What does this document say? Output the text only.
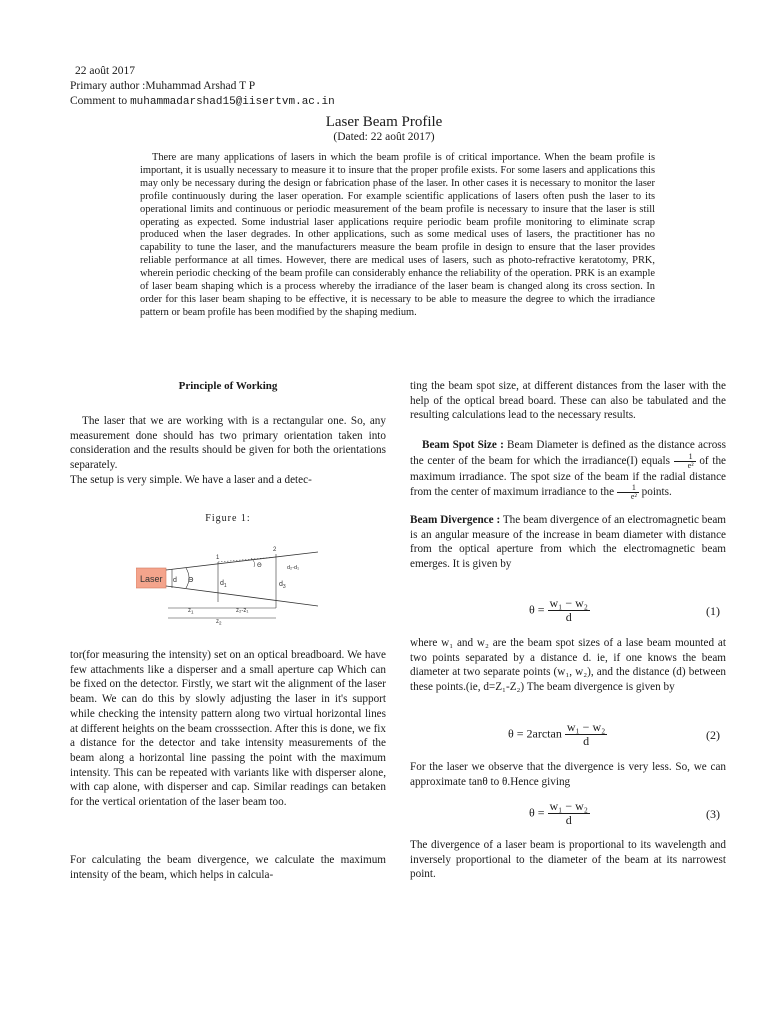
22 août 2017
Primary author :Muhammad Arshad T P
Comment to muhammadarshad15@iisertvm.ac.in
Laser Beam Profile
(Dated: 22 août 2017)
There are many applications of lasers in which the beam profile is of critical importance. When the beam profile is important, it is usually necessary to measure it to insure that the proper profile exists. For some lasers and applications this may only be necessary during the design or fabrication phase of the laser. In other cases it is necessary to monitor the laser profile continuously during the laser operation. For example scientific applications of lasers often push the laser to its operational limits and continuous or periodic measurement of the beam profile is necessary to insure that the laser is still operating as expected. Some industrial laser applications require periodic beam profile monitoring to eliminate scrap produced when the laser degrades. In other applications, such as some medical uses of lasers, the practitioner has no capability to tune the laser, and the manufacturers measure the beam profile in design to ensure that the laser provides reliable performance at all times. However, there are medical uses of lasers, such as photo-refractive keratotomy, PRK, wherein periodic checking of the beam profile can considerably enhance the reliability of the operation. PRK is an example of laser beam shaping which is a process whereby the irradiance of the laser beam is changed along its cross section. In order for this laser beam shaping to be effective, it is necessary to be able to measure the degree to which the irradiance pattern or beam profile has been modified by the shaping medium.
Principle of Working

The laser that we are working with is a rectangular one. So, any measurement done should has two primary orientation taken into consideration and the results should be given for both the orientations separately.

The setup is very simple. We have a laser and a detec-

Figure 1:
Laser d Θ
1
$d_1$
2
Θ
$d_3$
d₂-d₁
$z_1$	z₂-z₁
$z_2$

tor(for measuring the intensity) set on an optical breadboard. We have few attachments like a disperser and a small aperture cap Which can be fixed on the detector. Firstly, we start wit the alignment of the laser beam. We can do this by slowly adjusting the laser in it's support while checking the intensity pattern along two virtual horizontal lines at different heights on the beam crosssection. After this is done, we fix a distance for the detector and take intensity measurements of the beam along a horizontal line passing the point with the maximum intensity. This can be repeated with variants like with disperser alone, with cap alone, with disperser and cap. Similar readings can betaken for the vertical orientation of the laser beam too.

For calculating the beam divergence, we calculate the maximum intensity of the beam, which helps in calcula-

ting the beam spot size, at different distances from the laser with the help of the optical bread board. These can also be tabulated and the resulting calculations lead to the necessary results.

Beam Spot Size : Beam Diameter is defined as the distance across the center of the beam for which the irradiance(I) equals $\frac{1}{\text{e²}}$ of the maximum irradiance. The spot size of the beam if the radial distance from the center of maximum irradiance to the $\frac{1}{\text{e²}}$ points.

Beam Divergence : The beam divergence of an electromagnetic beam is an angular measure of the increase in beam diameter with distance from the optical aperture from which the electromagnetic beam emerges. It is given by

$\theta = \frac{\text{w₁ − w₂}}{d}$	(1)

where w₁ and w₂ are the beam spot sizes of a lase beam mounted at two points separated by a distance d. ie, if one knows the beam diameter at two separate points (w₁, w₂), and the distance (d) between these points.(ie, d=Z₁-Z₂) The beam divergence is given by

$\theta = 2\arctan \frac{\text{w₁ − w₂}}{d}$	(2)

For the laser we observe that the divergence is very less. So, we can approximate tanθ to θ.Hence giving

$\theta = \frac{\text{w₁ − w₂}}{d}$	(3)

The divergence of a laser beam is proportional to its wavelength and inversely proportional to the diameter of the beam at its narrowest point.
